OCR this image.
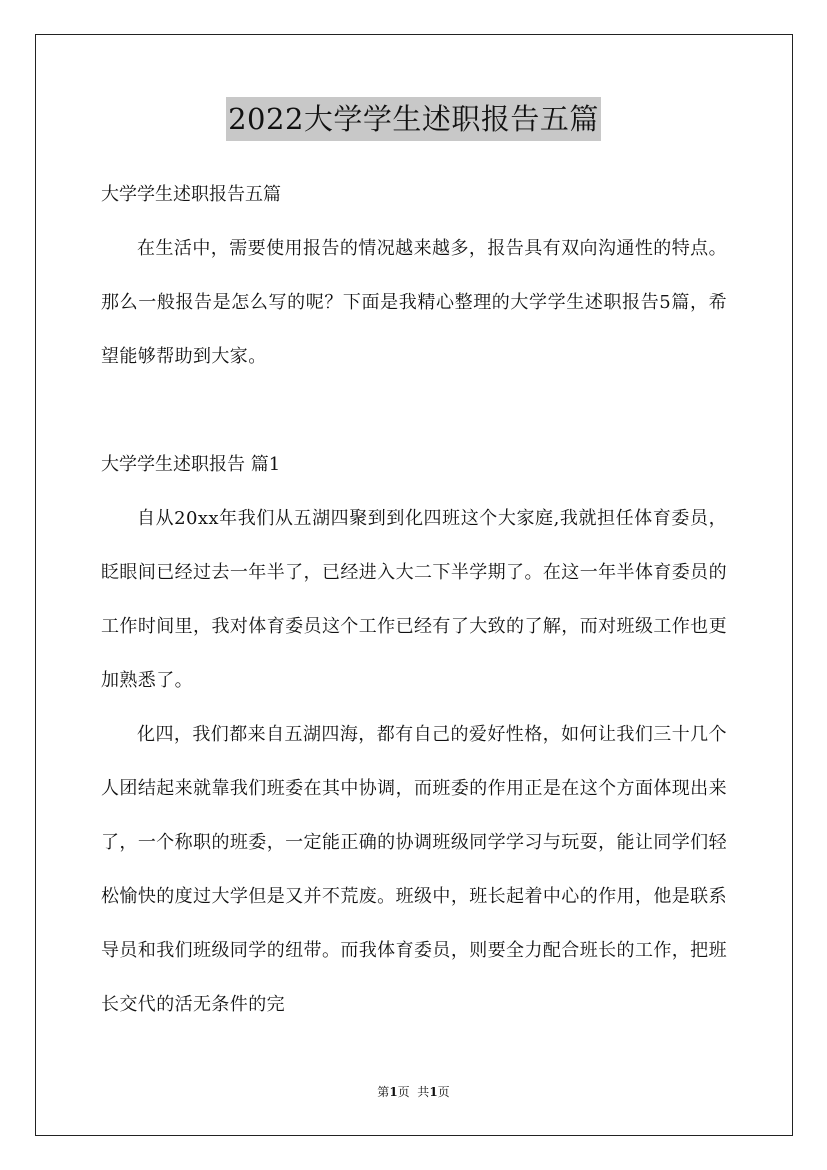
2022大学学生述职报告五篇

大学学生述职报告五篇

在生活中，需要使用报告的情况越来越多，报告具有双向沟通性的特点。那么一般报告是怎么写的呢？下面是我精心整理的大学学生述职报告5篇，希望能够帮助到大家。

大学学生述职报告 篇1

自从20xx年我们从五湖四聚到到化四班这个大家庭,我就担任体育委员，眨眼间已经过去一年半了，已经进入大二下半学期了。在这一年半体育委员的工作时间里，我对体育委员这个工作已经有了大致的了解，而对班级工作也更加熟悉了。

化四，我们都来自五湖四海，都有自己的爱好性格，如何让我们三十几个人团结起来就靠我们班委在其中协调，而班委的作用正是在这个方面体现出来了，一个称职的班委，一定能正确的协调班级同学学习与玩耍，能让同学们轻松愉快的度过大学但是又并不荒废。班级中，班长起着中心的作用，他是联系导员和我们班级同学的纽带。而我体育委员，则要全力配合班长的工作，把班长交代的活无条件的完

第1页  共1页
